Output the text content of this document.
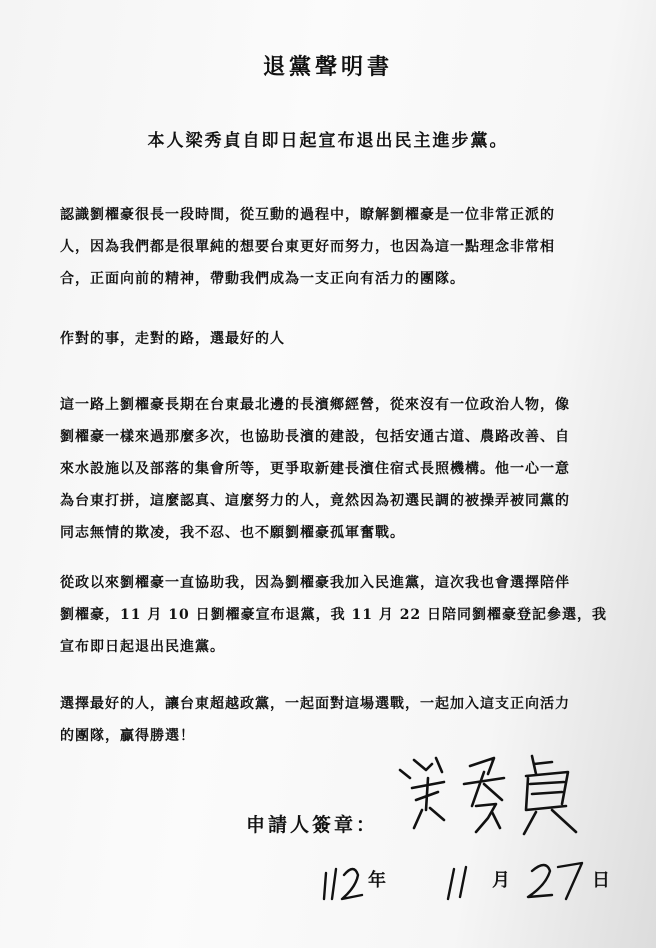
退黨聲明書
本人梁秀貞自即日起宣布退出民主進步黨。
認識劉櫂豪很長一段時間，從互動的過程中，瞭解劉櫂豪是一位非常正派的
人，因為我們都是很單純的想要台東更好而努力，也因為這一點理念非常相
合，正面向前的精神，帶動我們成為一支正向有活力的團隊。
作對的事，走對的路，選最好的人
這一路上劉櫂豪長期在台東最北邊的長濱鄉經營，從來沒有一位政治人物，像
劉櫂豪一樣來過那麼多次，也協助長濱的建設，包括安通古道、農路改善、自
來水設施以及部落的集會所等，更爭取新建長濱住宿式長照機構。他一心一意
為台東打拼，這麼認真、這麼努力的人，竟然因為初選民調的被操弄被同黨的
同志無情的欺凌，我不忍、也不願劉櫂豪孤軍奮戰。
從政以來劉櫂豪一直協助我，因為劉櫂豪我加入民進黨，這次我也會選擇陪伴
劉櫂豪，11 月 10 日劉櫂豪宣布退黨，我 11 月 22 日陪同劉櫂豪登記參選，我
宣布即日起退出民進黨。
選擇最好的人，讓台東超越政黨，一起面對這場選戰，一起加入這支正向活力
的團隊，贏得勝選！
申請人簽章：
年	月	日
